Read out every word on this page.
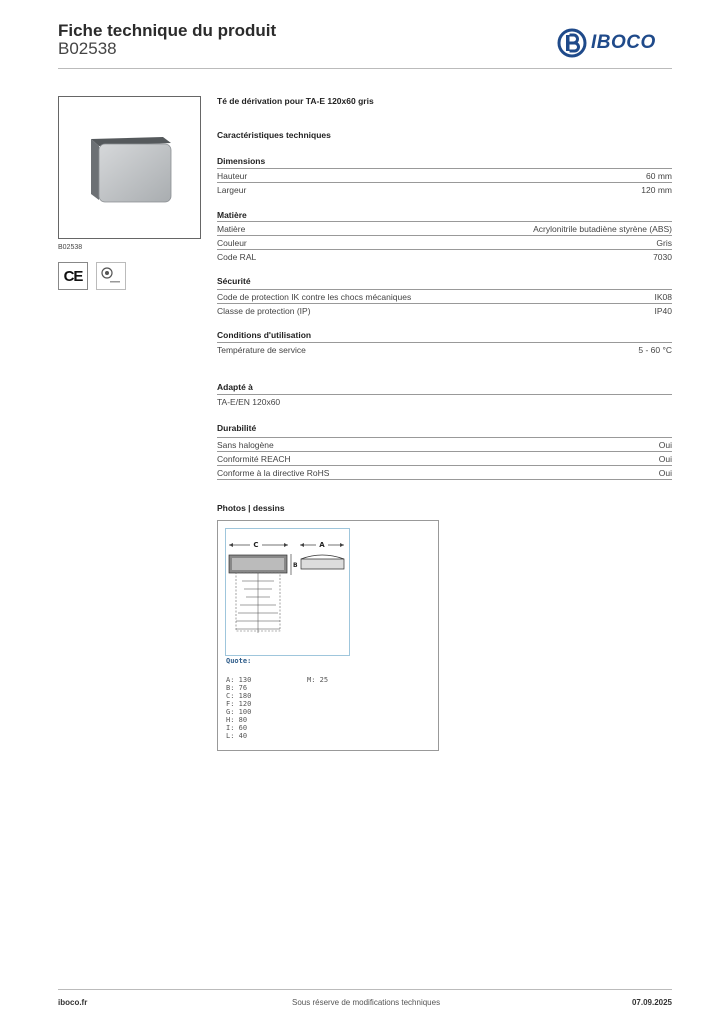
Fiche technique du produit
B02538	IBOCO
B02538
CE
Té de dérivation pour TA-E 120x60 gris
Caractéristiques techniques
Dimensions
Hauteur	60 mm
Largeur	120 mm
Matière
Matière	Acrylonitrile butadiène styrène (ABS)
Couleur	Gris
Code RAL	7030
Sécurité
Code de protection IK contre les chocs mécaniques	IK08
Classe de protection (IP)	IP40
Conditions d'utilisation
Température de service	5 - 60 °C
Adapté à
TA-E/EN 120x60
Durabilité
Sans halogène	Oui
Conformité REACH	Oui
Conforme à la directive RoHS	Oui
Photos | dessins
C	A
B
Quote:
A: 130
B: 76
C: 180
F: 120
G: 100
H: 80
I: 60
L: 40
M: 25
iboco.fr	Sous réserve de modifications techniques	07.09.2025
